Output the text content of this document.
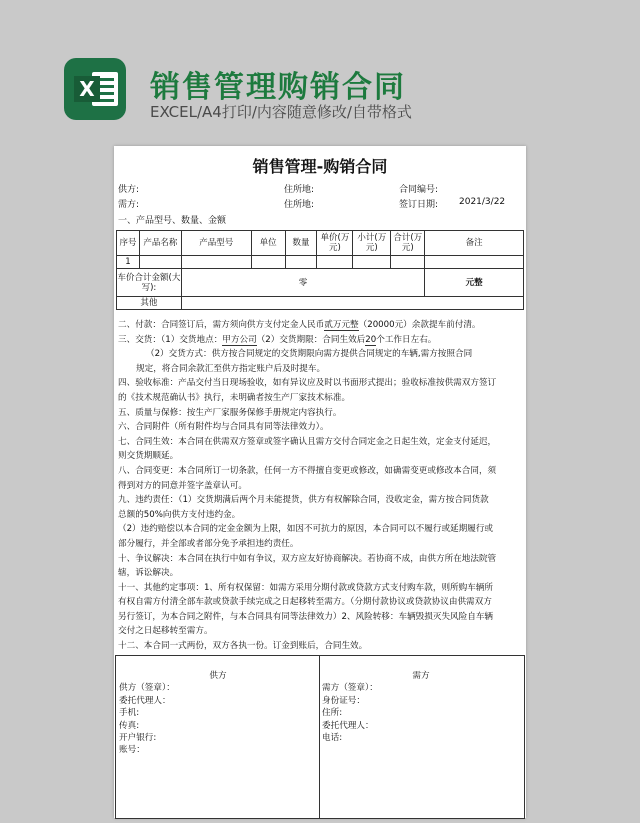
X 销售管理购销合同
EXCEL/A4打印/内容随意修改/自带格式
销售管理-购销合同
供方:	住所地:	合同编号:
需方:	住所地:	签订日期: 2021/3/22
一、产品型号、数量、金额
序号	产品名称	产品型号	单位	数量	单价(万元)	小计(万元)	合计(万元)	备注
1								
车价合计金额(大写):		零						元整
其他								

二、付款：合同签订后，需方须向供方支付定金人民币贰万元整（20000元）余款提车前付清。

三、交货：（1）交货地点：甲方公司（2）交货期限：合同生效后20个工作日左右。

（2）交货方式：供方按合同规定的交货期限向需方提供合同规定的车辆,需方按照合同

规定，将合同余款汇至供方指定账户后及时提车。

四、验收标准：产品交付当日现场验收，如有异议应及时以书面形式提出；验收标准按供需双方签订

的《技术规范确认书》执行，未明确者按生产厂家技术标准。

五、质量与保修：按生产厂家服务保修手册规定内容执行。

六、合同附件（所有附件均与合同具有同等法律效力）。

七、合同生效：本合同在供需双方签章或签字确认且需方交付合同定金之日起生效，定金支付延迟，

则交货期顺延。

八、合同变更：本合同所订一切条款，任何一方不得擅自变更或修改，如确需变更或修改本合同，须

得到对方的同意并签字盖章认可。

九、违约责任：（1）交货期满后两个月未能提货，供方有权解除合同，没收定金，需方按合同货款

总额的50%向供方支付违约金。

（2）违约赔偿以本合同的定金金额为上限，如因不可抗力的原因，本合同可以不履行或延期履行或

部分履行，并全部或者部分免予承担违约责任。

十、争议解决：本合同在执行中如有争议，双方应友好协商解决。若协商不成，由供方所在地法院管

辖，诉讼解决。

十一、其他约定事项：1、所有权保留：如需方采用分期付款或贷款方式支付购车款，则所购车辆所

有权自需方付清全部车款或贷款手续完成之日起移转至需方。（分期付款协议或贷款协议由供需双方

另行签订，为本合同之附件，与本合同具有同等法律效力）2、风险转移：车辆毁损灭失风险自车辆

交付之日起移转至需方。

十二、本合同一式两份，双方各执一份。订金到账后，合同生效。

供方
供方（签章）：
委托代理人：
手机:
传真:
开户银行:
账号：
需方
需方（签章）：
身份证号：
住所:
委托代理人：
电话:
